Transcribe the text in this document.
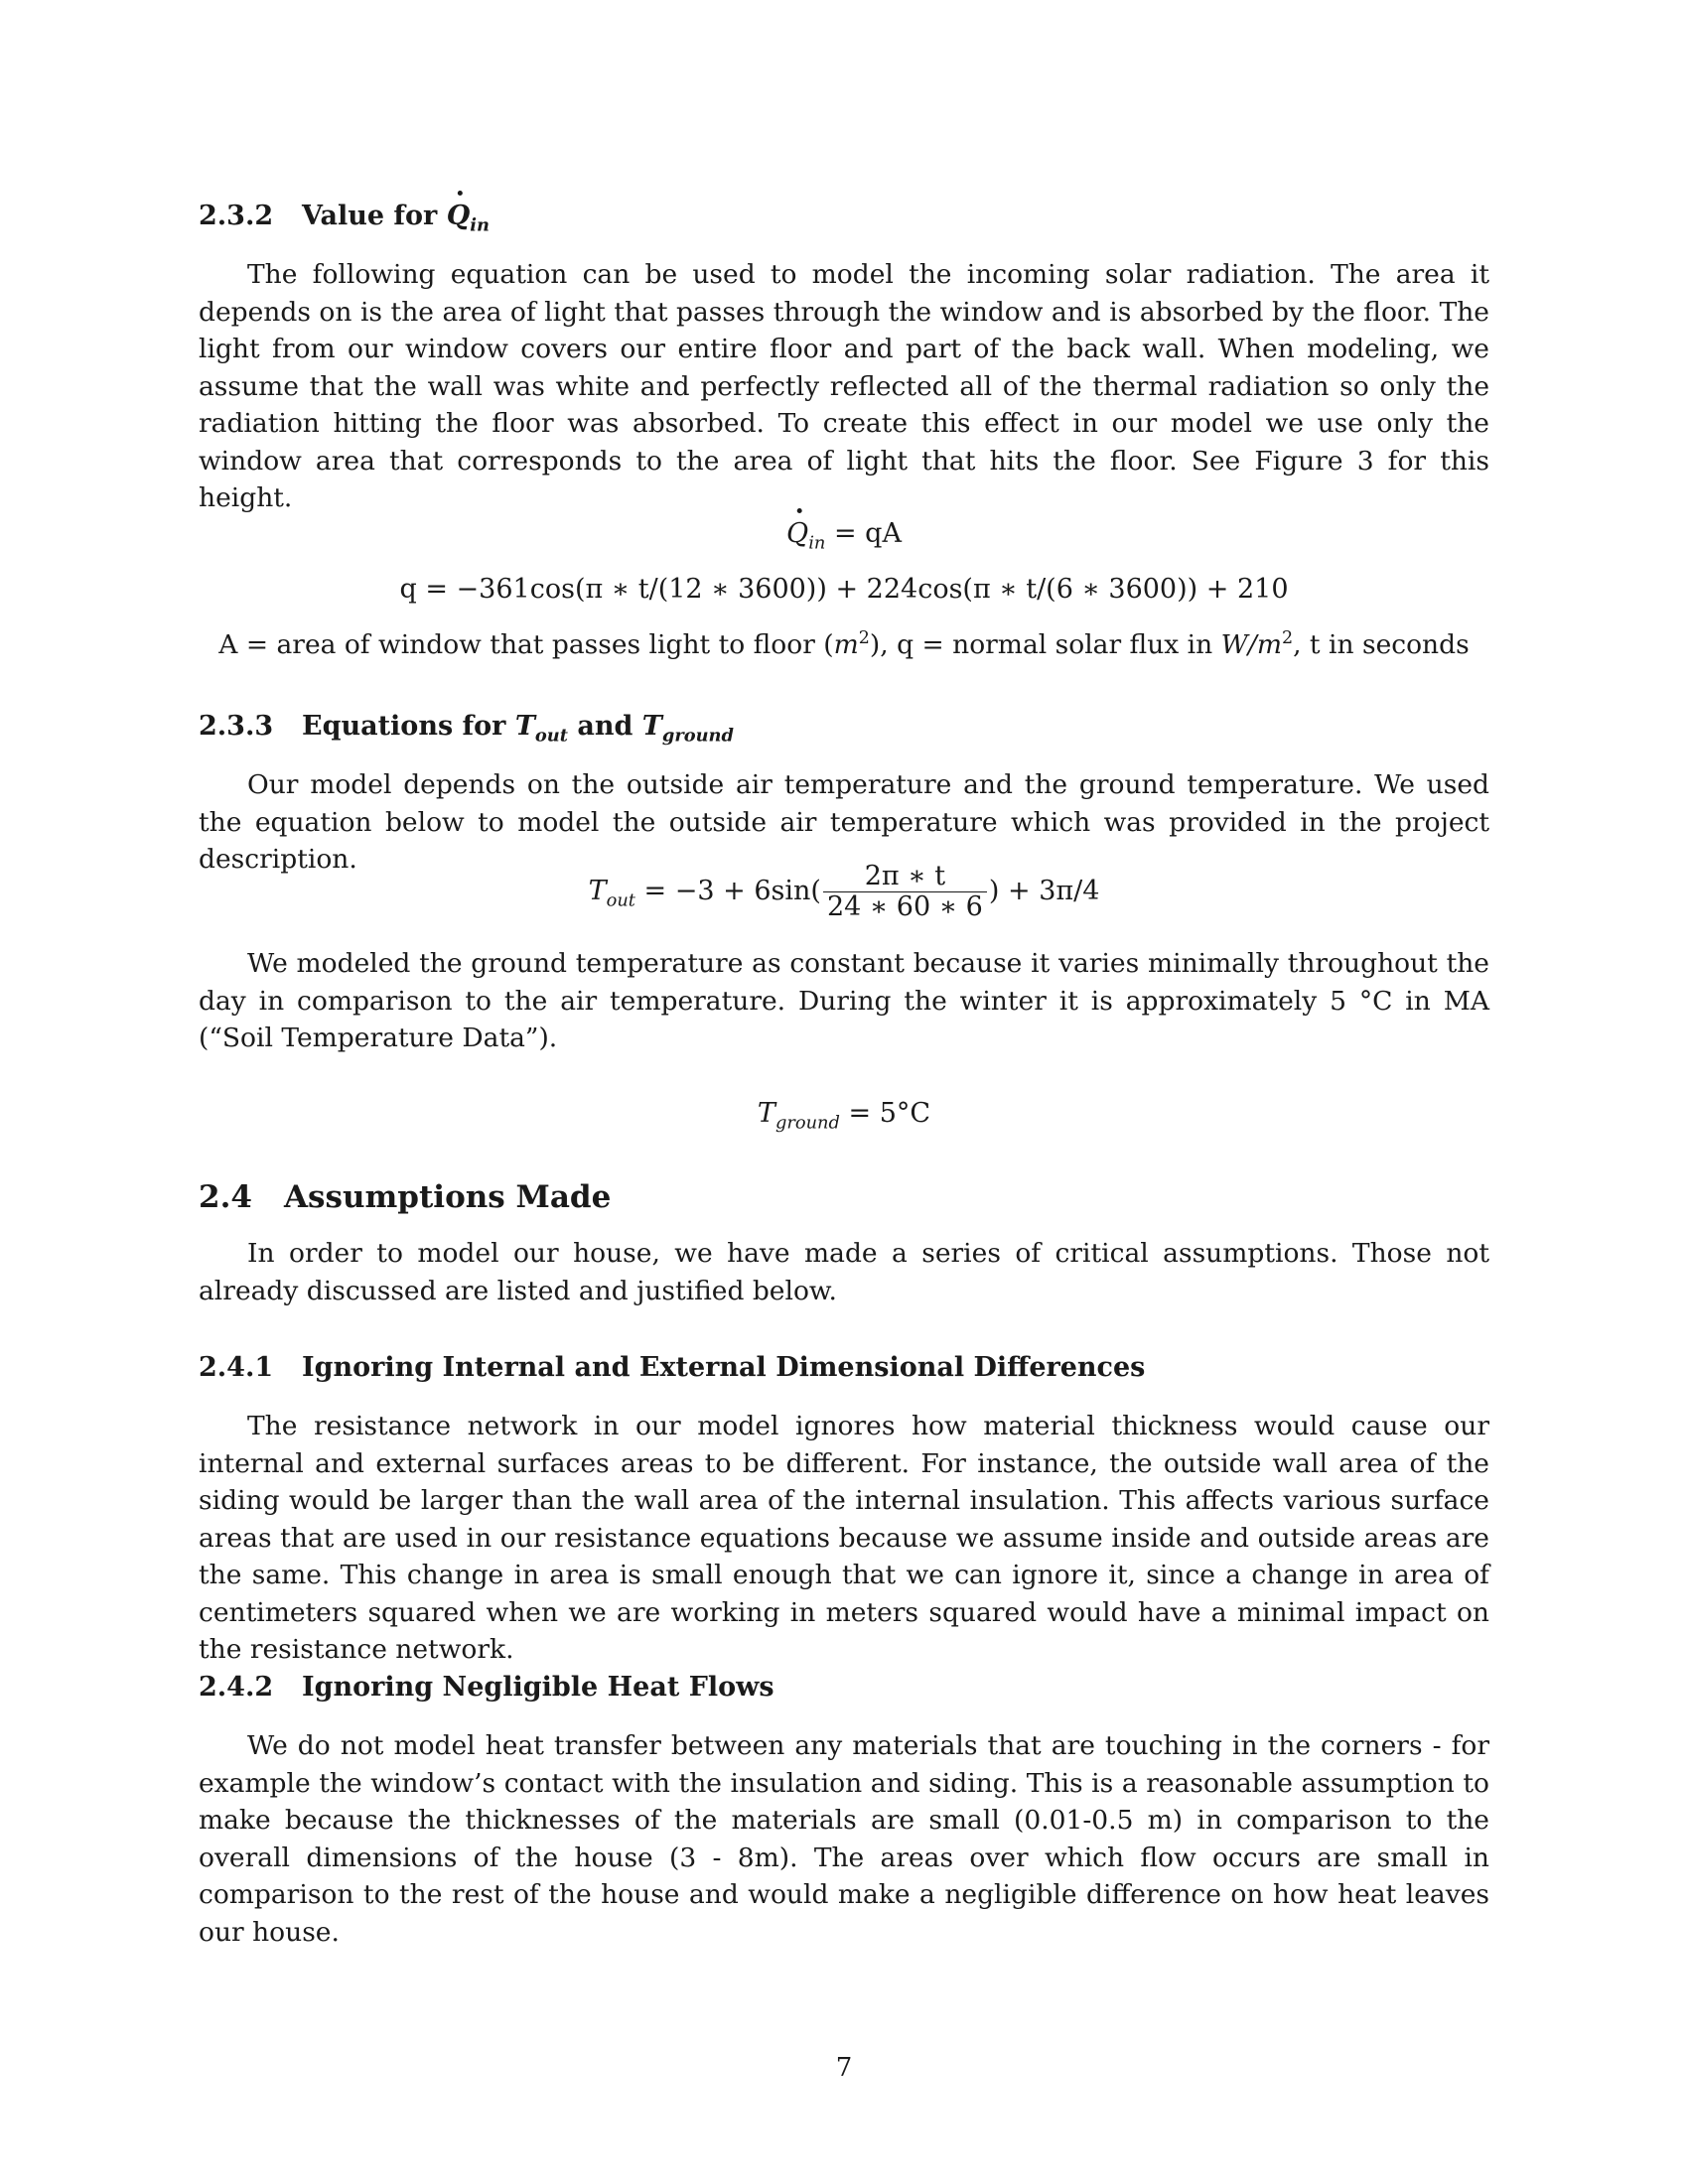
2.3.2 Value for · $Q_{in}$
The following equation can be used to model the incoming solar radiation. The area it depends on is the area of light that passes through the window and is absorbed by the floor. The light from our window covers our entire floor and part of the back wall. When modeling, we assume that the wall was white and perfectly reflected all of the thermal radiation so only the radiation hitting the floor was absorbed. To create this effect in our model we use only the window area that corresponds to the area of light that hits the floor. See Figure 3 for this height.
· $Q_{in}$ = qA
q = −361cos(π ∗ t/(12 ∗ 3600)) + 224cos(π ∗ t/(6 ∗ 3600)) + 210
A = area of window that passes light to floor $(m^2)$, q = normal solar flux in $W/m^2$, t in seconds
2.3.3 Equations for $T_{out}$ and $T_{ground}$
Our model depends on the outside air temperature and the ground temperature. We used the equation below to model the outside air temperature which was provided in the project description.
$T_{out} = -3 + 6\sin( \frac{2\pi ∗ t}{24 ∗ 60 ∗ 6}$ ) + 3π/4
We modeled the ground temperature as constant because it varies minimally throughout the day in comparison to the air temperature. During the winter it is approximately 5 °C in MA (“Soil Temperature Data”).
$T_{ground} = 5^\circ C$
2.4 Assumptions Made
In order to model our house, we have made a series of critical assumptions. Those not already discussed are listed and justified below.
2.4.1 Ignoring Internal and External Dimensional Differences
The resistance network in our model ignores how material thickness would cause our internal and external surfaces areas to be different. For instance, the outside wall area of the siding would be larger than the wall area of the internal insulation. This affects various surface areas that are used in our resistance equations because we assume inside and outside areas are the same. This change in area is small enough that we can ignore it, since a change in area of centimeters squared when we are working in meters squared would have a minimal impact on the resistance network.
2.4.2 Ignoring Negligible Heat Flows
We do not model heat transfer between any materials that are touching in the corners - for example the window’s contact with the insulation and siding. This is a reasonable assumption to make because the thicknesses of the materials are small (0.01-0.5 m) in comparison to the overall dimensions of the house (3 - 8m). The areas over which flow occurs are small in comparison to the rest of the house and would make a negligible difference on how heat leaves our house.
7
